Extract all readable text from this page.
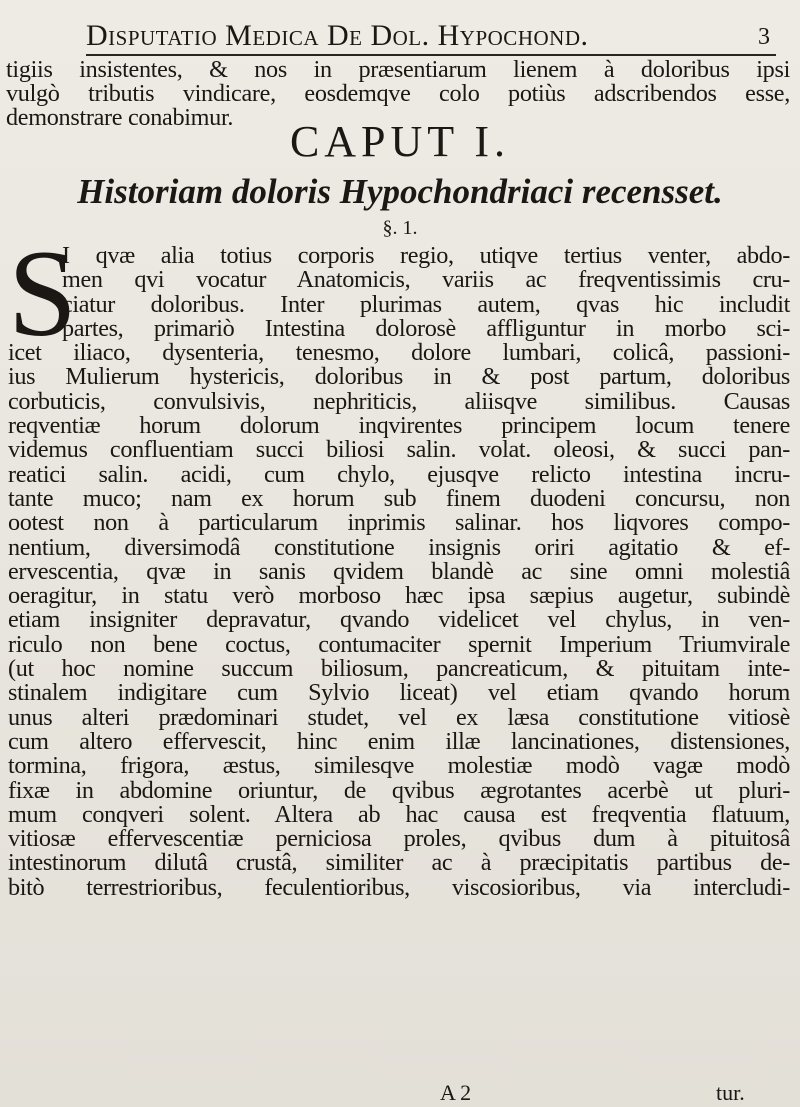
Disputatio Medica De Dol. Hypochond.	3
tigiis insistentes, & nos in præsentiarum lienem à doloribus ipsi
vulgò tributis vindicare, eosdemqve colo potiùs adscribendos esse,
demonstrare conabimur.	CAPUT I.
Historiam doloris Hypochondriaci recensset.
§. 1.
S
I qvæ alia totius corporis regio, utiqve tertius venter, abdo-
men qvi vocatur Anatomicis, variis ac freqventissimis cru-
ciatur doloribus. Inter plurimas autem, qvas hic includit
partes, primariò Intestina dolorosè affliguntur in morbo sci-
icet iliaco, dysenteria, tenesmo, dolore lumbari, colicâ, passioni-
ius Mulierum hystericis, doloribus in & post partum, doloribus
corbuticis, convulsivis, nephriticis, aliisqve similibus. Causas
reqventiæ horum dolorum inqvirentes principem locum tenere
videmus confluentiam succi biliosi salin. volat. oleosi, & succi pan-
reatici salin. acidi, cum chylo, ejusqve relicto intestina incru-
tante muco; nam ex horum sub finem duodeni concursu, non
ootest non à particularum inprimis salinar. hos liqvores compo-
nentium, diversimodâ constitutione insignis oriri agitatio & ef-
ervescentia, qvæ in sanis qvidem blandè ac sine omni molestiâ
oeragitur, in statu verò morboso hæc ipsa sæpius augetur, subindè
etiam insigniter depravatur, qvando videlicet vel chylus, in ven-
riculo non bene coctus, contumaciter spernit Imperium Triumvirale
(ut hoc nomine succum biliosum, pancreaticum, & pituitam inte-
stinalem indigitare cum Sylvio liceat) vel etiam qvando horum
unus alteri prædominari studet, vel ex læsa constitutione vitiosè
cum altero effervescit, hinc enim illæ lancinationes, distensiones,
tormina, frigora, æstus, similesqve molestiæ modò vagæ modò
fixæ in abdomine oriuntur, de qvibus ægrotantes acerbè ut pluri-
mum conqveri solent. Altera ab hac causa est freqventia flatuum,
vitiosæ effervescentiæ perniciosa proles, qvibus dum à pituitosâ
intestinorum dilutâ crustâ, similiter ac à præcipitatis partibus de-
bitò terrestrioribus, feculentioribus, viscosioribus, via intercludi-
A 2	tur.
